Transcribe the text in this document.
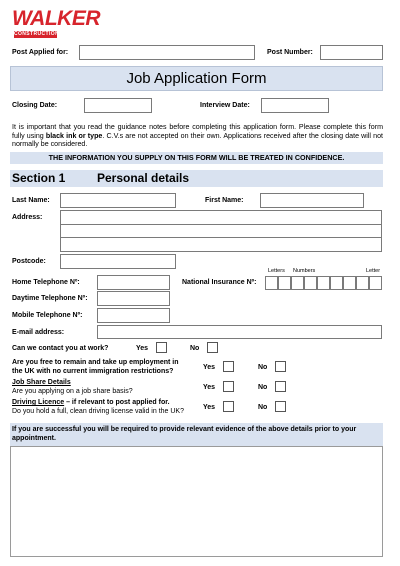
WALKER
CONSTRUCTION
Post Applied for:	Post Number:
Job Application Form
Closing Date:	Interview Date:
It is important that you read the guidance notes before completing this application form. Please complete this form fully using black ink or type. C.V.s are not accepted on their own. Applications received after the closing date will not normally be considered.
THE INFORMATION YOU SUPPLY ON THIS FORM WILL BE TREATED IN CONFIDENCE.
Section 1	Personal details
Last Name:	First Name:
Address:
Postcode:
Letters Numbers	Letter
Home Telephone Nº:	National Insurance Nº:
Daytime Telephone Nº:
Mobile Telephone Nº:
E-mail address:
Can we contact you at work?	Yes	No
Are you free to remain and take up employment in
the UK with no current immigration restrictions?
Yes	No
Job Share Details
Are you applying on a job share basis?
Yes	No
Driving Licence – if relevant to post applied for.
Do you hold a full, clean driving license valid in the UK?
Yes	No
If you are successful you will be required to provide relevant evidence of the above details prior to your appointment.
